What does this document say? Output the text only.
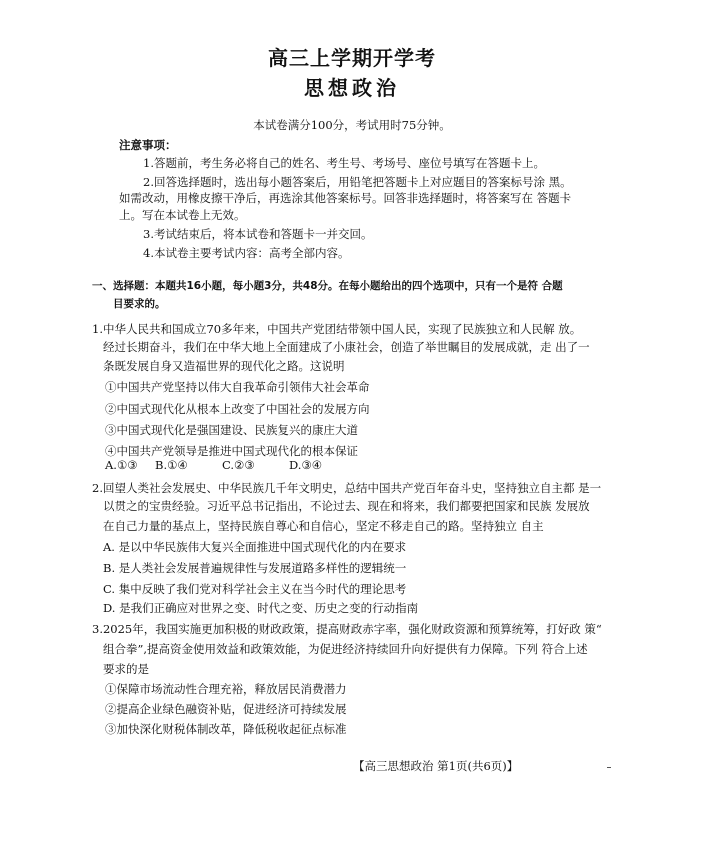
高三上学期开学考
思想政治
本试卷满分100分，考试用时75分钟。
注意事项：
1.答题前，考生务必将自己的姓名、考生号、考场号、座位号填写在答题卡上。
2.回答选择题时，选出每小题答案后，用铅笔把答题卡上对应题目的答案标号涂 黑。
如需改动，用橡皮擦干净后，再选涂其他答案标号。回答非选择题时，将答案写在 答题卡
上。写在本试卷上无效。
3.考试结束后，将本试卷和答题卡一并交回。
4.本试卷主要考试内容：高考全部内容。
一、选择题：本题共16小题，每小题3分，共48分。在每小题给出的四个选项中，只有一个是符 合题
目要求的。
1.中华人民共和国成立70多年来，中国共产党团结带领中国人民，实现了民族独立和人民解 放。
经过长期奋斗，我们在中华大地上全面建成了小康社会，创造了举世瞩目的发展成就，走 出了一
条既发展自身又造福世界的现代化之路。这说明
①中国共产党坚持以伟大自我革命引领伟大社会革命
②中国式现代化从根本上改变了中国社会的发展方向
③中国式现代化是强国建设、民族复兴的康庄大道
④中国共产党领导是推进中国式现代化的根本保证
A.①③ B.①④	C.②③	D.③④
2.回望人类社会发展史、中华民族几千年文明史，总结中国共产党百年奋斗史，坚持独立自主都 是一
以贯之的宝贵经验。习近平总书记指出，不论过去、现在和将来，我们都要把国家和民族 发展放
在自己力量的基点上，坚持民族自尊心和自信心，坚定不移走自己的路。坚持独立 自主
A. 是以中华民族伟大复兴全面推进中国式现代化的内在要求
B. 是人类社会发展普遍规律性与发展道路多样性的逻辑统一
C. 集中反映了我们党对科学社会主义在当今时代的理论思考
D. 是我们正确应对世界之变、时代之变、历史之变的行动指南
3.2025年，我国实施更加积极的财政政策，提高财政赤字率，强化财政资源和预算统筹，打好政 策“
组合拳”,提高资金使用效益和政策效能，为促进经济持续回升向好提供有力保障。下列 符合上述
要求的是
①保障市场流动性合理充裕，释放居民消费潜力
②提高企业绿色融资补贴，促进经济可持续发展
③加快深化财税体制改革，降低税收起征点标准
【高三思想政治 第1页(共6页)】
